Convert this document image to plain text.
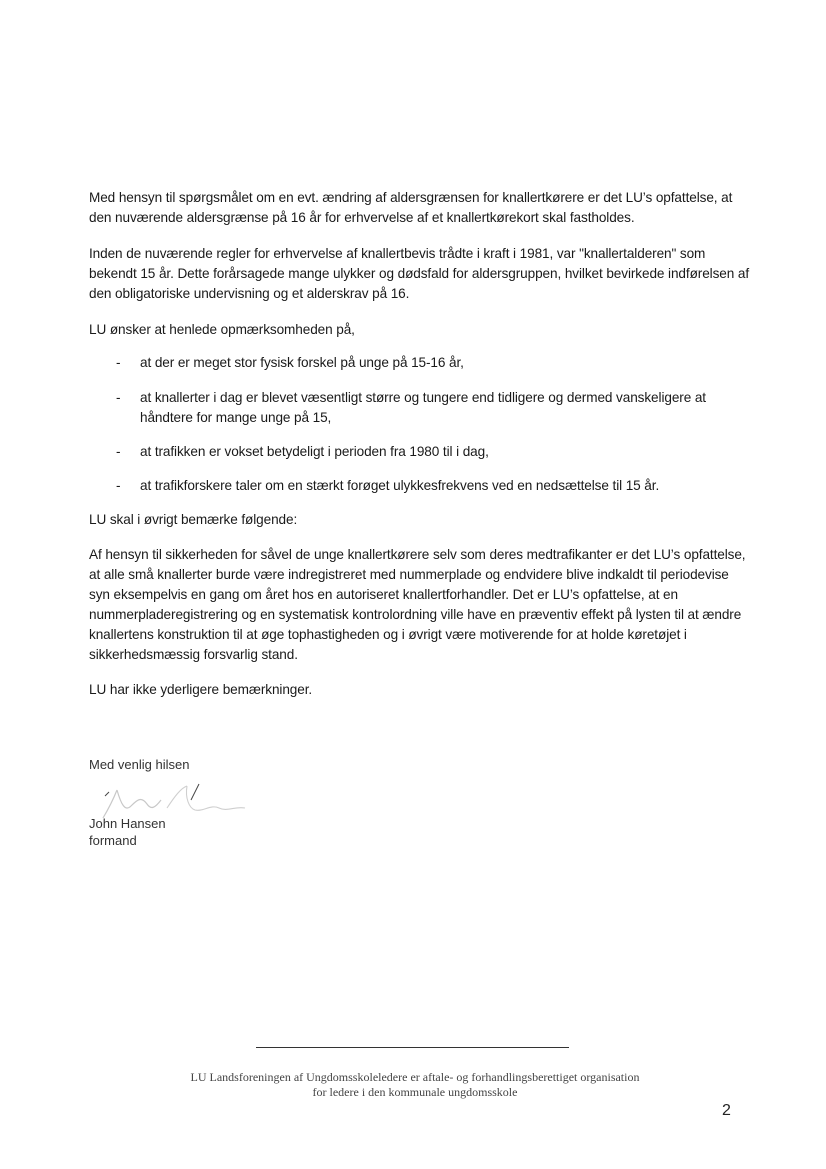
Med hensyn til spørgsmålet om en evt. ændring af aldersgrænsen for knallertkørere er det LU’s opfattelse, at den nuværende aldersgrænse på 16 år for erhvervelse af et knallertkørekort skal fastholdes.

Inden de nuværende regler for erhvervelse af knallertbevis trådte i kraft i 1981, var "knallertalderen" som bekendt 15 år. Dette forårsagede mange ulykker og dødsfald for aldersgruppen, hvilket bevirkede indførelsen af den obligatoriske undervisning og et alderskrav på 16.

LU ønsker at henlede opmærksomheden på,

- at der er meget stor fysisk forskel på unge på 15-16 år,
- at knallerter i dag er blevet væsentligt større og tungere end tidligere og dermed vanskeligere at håndtere for mange unge på 15,
- at trafikken er vokset betydeligt i perioden fra 1980 til i dag,
- at trafikforskere taler om en stærkt forøget ulykkesfrekvens ved en nedsættelse til 15 år.

LU skal i øvrigt bemærke følgende:

Af hensyn til sikkerheden for såvel de unge knallertkørere selv som deres medtrafikanter er det LU’s opfattelse, at alle små knallerter burde være indregistreret med nummerplade og endvidere blive indkaldt til periodevise syn eksempelvis en gang om året hos en autoriseret knallertforhandler. Det er LU’s opfattelse, at en nummerpladeregistrering og en systematisk kontrolordning ville have en præventiv effekt på lysten til at ændre knallertens konstruktion til at øge tophastigheden og i øvrigt være motiverende for at holde køretøjet i sikkerhedsmæssig forsvarlig stand.

LU har ikke yderligere bemærkninger.

Med venlig hilsen
John Hansen
formand
LU Landsforeningen af Ungdomsskoleledere er aftale- og forhandlingsberettiget organisation
for ledere i den kommunale ungdomsskole
2
